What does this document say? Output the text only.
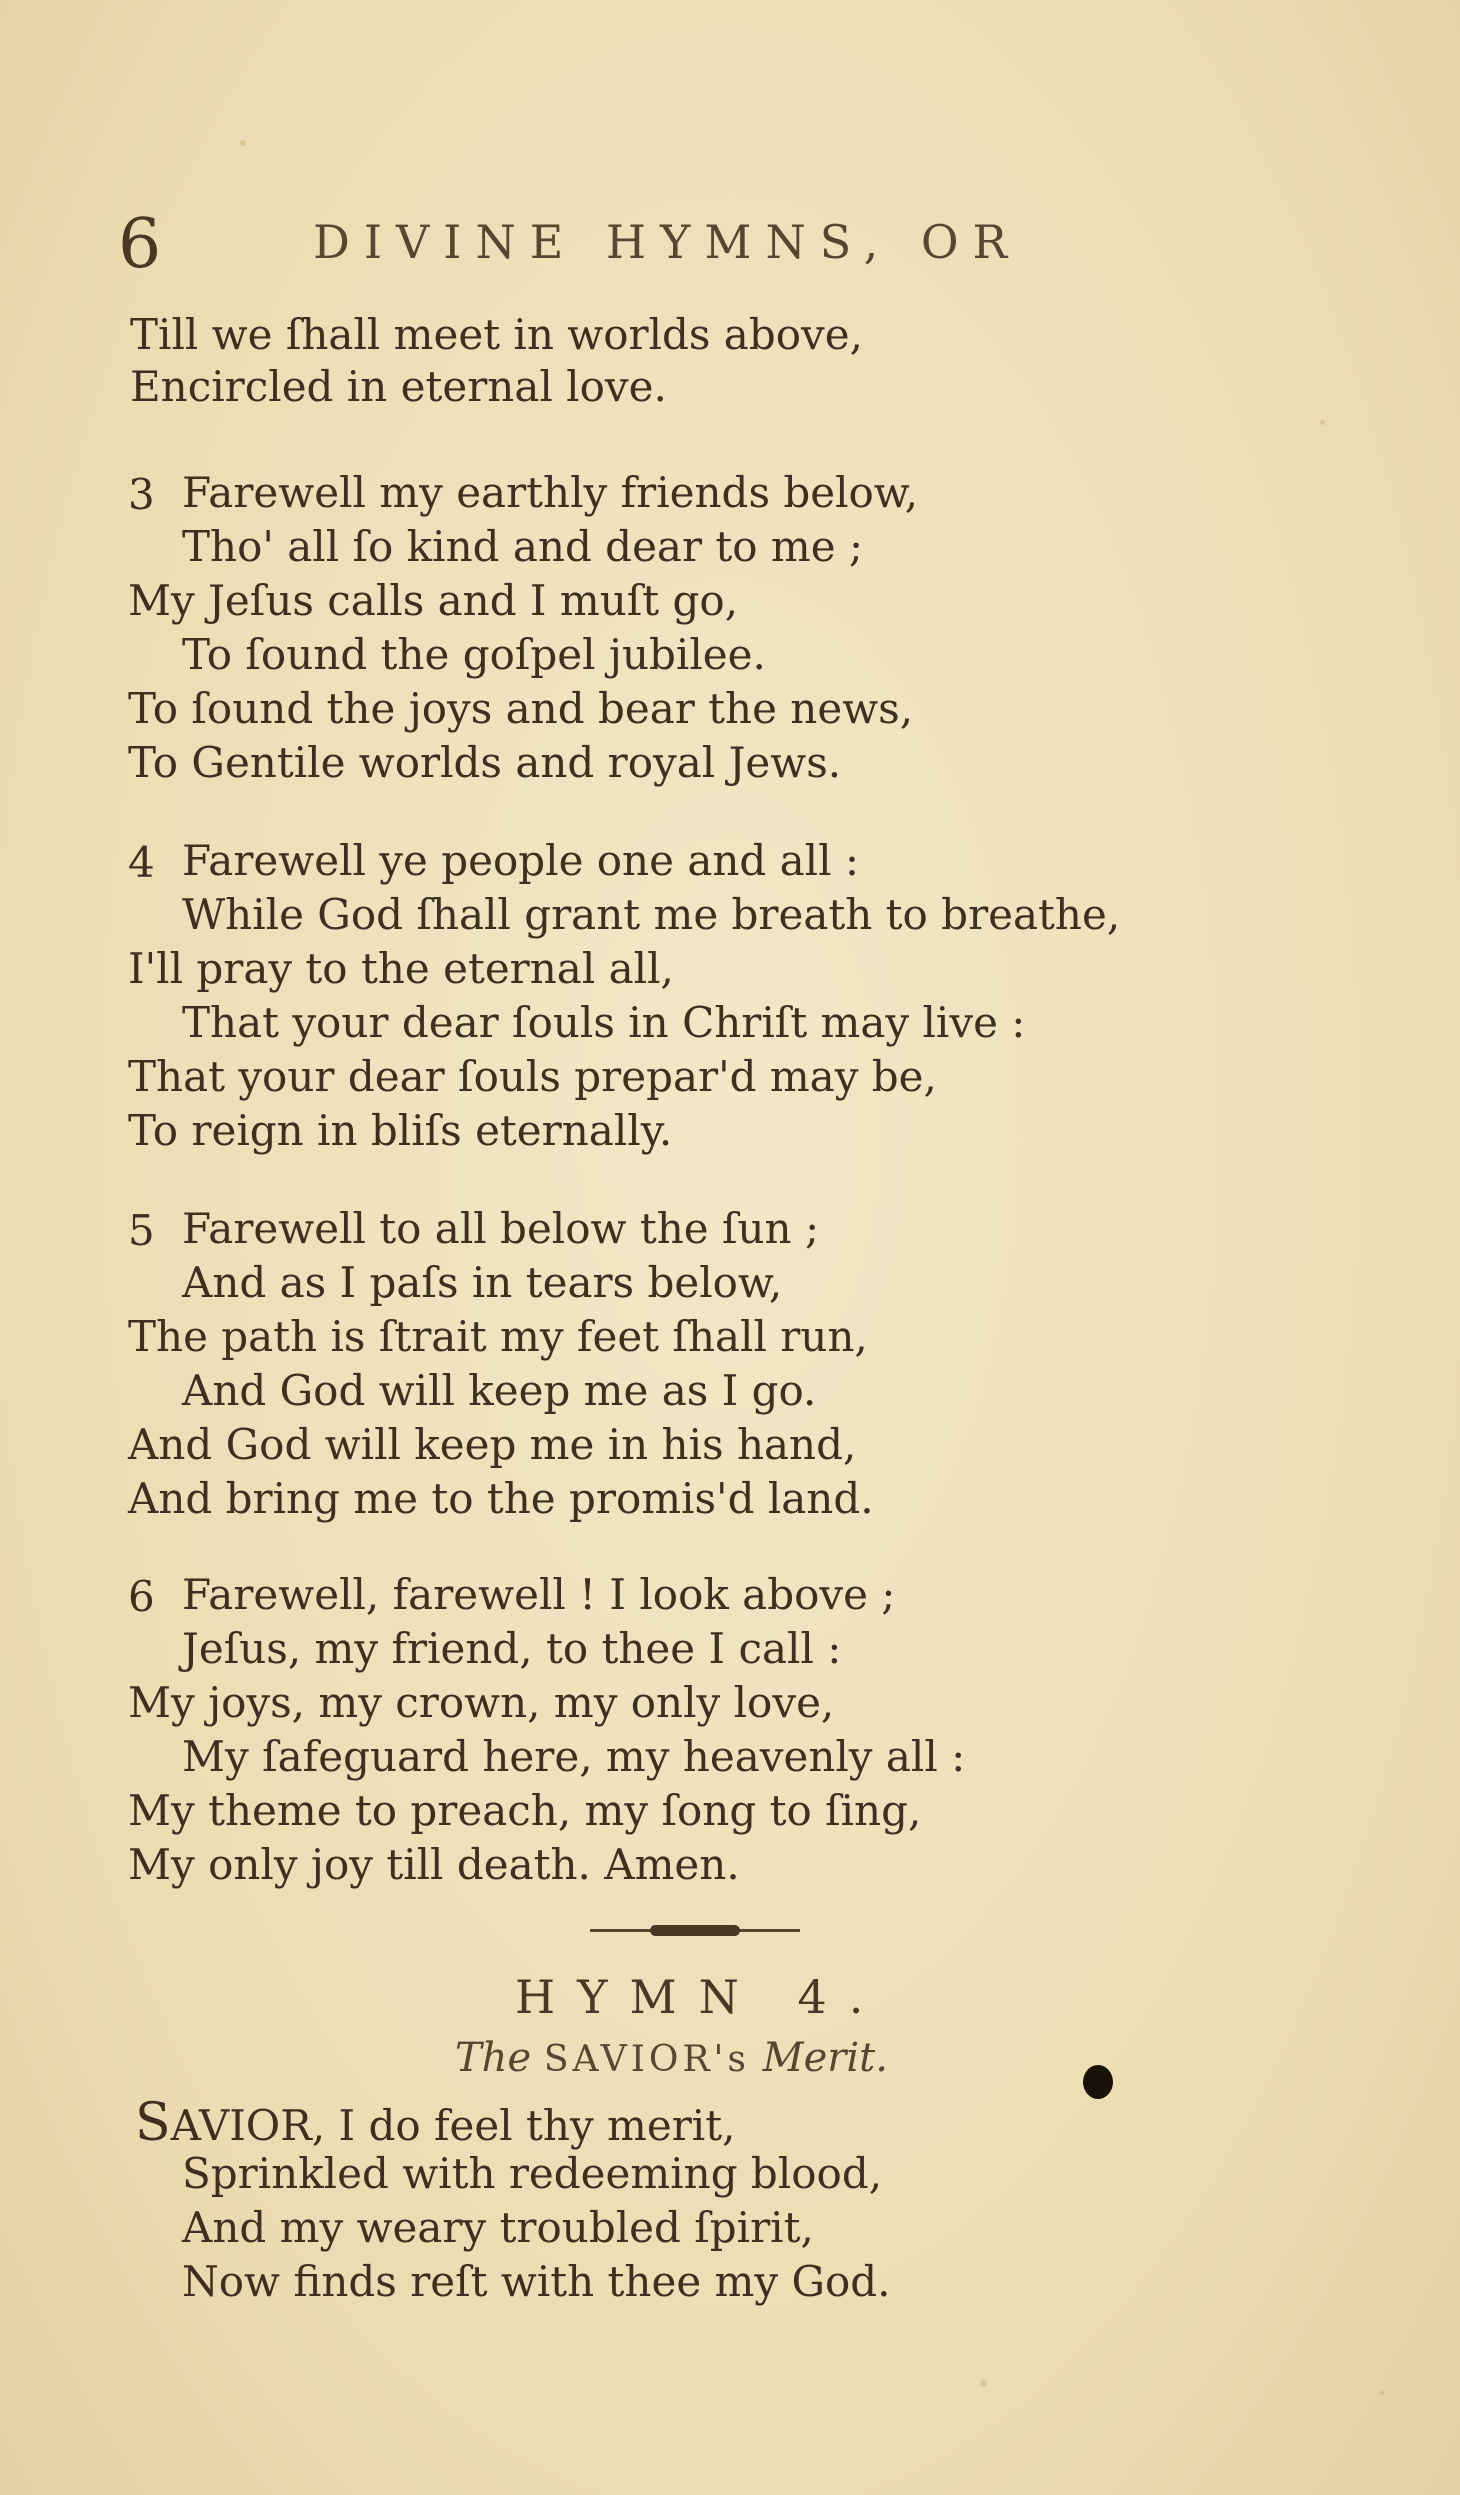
6	DIVINE HYMNS, OR
Till we ſhall meet in worlds above,
Encircled in eternal love.
3 Farewell my earthly friends below,
Tho' all ſo kind and dear to me ;
My Jeſus calls and I muſt go,
To ſound the goſpel jubilee.
To ſound the joys and bear the news,
To Gentile worlds and royal Jews.
4 Farewell ye people one and all :
While God ſhall grant me breath to breathe,
I'll pray to the eternal all,
That your dear ſouls in Chriſt may live :
That your dear ſouls prepar'd may be,
To reign in bliſs eternally.
5 Farewell to all below the ſun ;
And as I paſs in tears below,
The path is ſtrait my feet ſhall run,
And God will keep me as I go.
And God will keep me in his hand,
And bring me to the promis'd land.
6 Farewell, farewell ! I look above ;
Jeſus, my friend, to thee I call :
My joys, my crown, my only love,
My ſafeguard here, my heavenly all :
My theme to preach, my ſong to ſing,
My only joy till death. Amen.
HYMN 4.
The SAVIOR's Merit.
SAVIOR, I do feel thy merit,
Sprinkled with redeeming blood,
And my weary troubled ſpirit,
Now finds reſt with thee my God.
